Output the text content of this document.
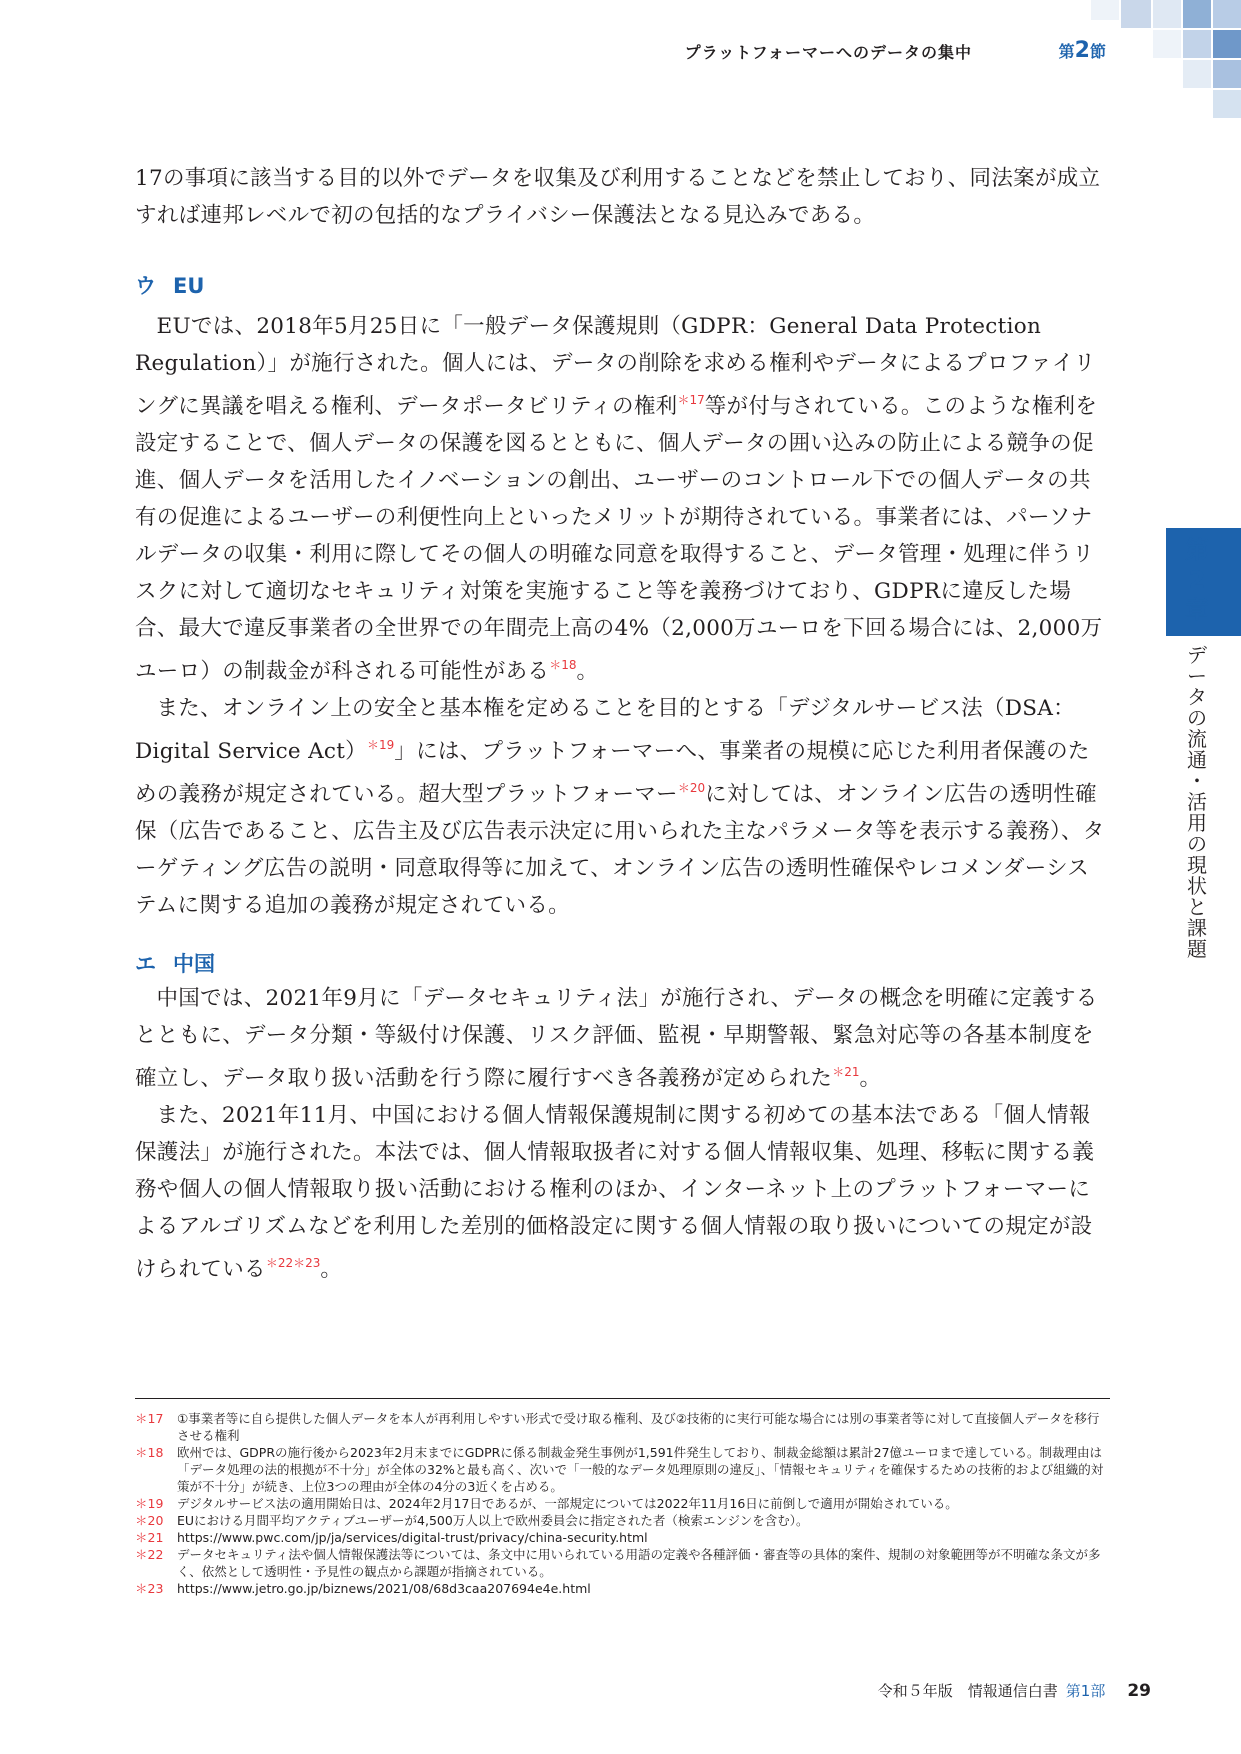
プラットフォーマーへのデータの集中	第2節

17の事項に該当する目的以外でデータを収集及び利用することなどを禁止しており、同法案が成立すれば連邦レベルで初の包括的なプライバシー保護法となる見込みである。

ウ EU

EUでは、2018年5月25日に「一般データ保護規則（GDPR：General Data Protection Regulation）」が施行された。個人には、データの削除を求める権利やデータによるプロファイリングに異議を唱える権利、データポータビリティの権利$^{*17}$等が付与されている。このような権利を設定することで、個人データの保護を図るとともに、個人データの囲い込みの防止による競争の促進、個人データを活用したイノベーションの創出、ユーザーのコントロール下での個人データの共有の促進によるユーザーの利便性向上といったメリットが期待されている。事業者には、パーソナルデータの収集・利用に際してその個人の明確な同意を取得すること、データ管理・処理に伴うリスクに対して適切なセキュリティ対策を実施すること等を義務づけており、GDPRに違反した場合、最大で違反事業者の全世界での年間売上高の4%（2,000万ユーロを下回る場合には、2,000万ユーロ）の制裁金が科される可能性がある$^{*18}$。

また、オンライン上の安全と基本権を定めることを目的とする「デジタルサービス法（DSA：Digital Service Act）$^{*19}$」には、プラットフォーマーへ、事業者の規模に応じた利用者保護のための義務が規定されている。超大型プラットフォーマー$^{*20}$に対しては、オンライン広告の透明性確保（広告であること、広告主及び広告表示決定に用いられた主なパラメータ等を表示する義務）、ターゲティング広告の説明・同意取得等に加えて、オンライン広告の透明性確保やレコメンダーシステムに関する追加の義務が規定されている。

エ 中国

中国では、2021年9月に「データセキュリティ法」が施行され、データの概念を明確に定義するとともに、データ分類・等級付け保護、リスク評価、監視・早期警報、緊急対応等の各基本制度を確立し、データ取り扱い活動を行う際に履行すべき各義務が定められた$^{*21}$。

また、2021年11月、中国における個人情報保護規制に関する初めての基本法である「個人情報保護法」が施行された。本法では、個人情報取扱者に対する個人情報収集、処理、移転に関する義務や個人の個人情報取り扱い活動における権利のほか、インターネット上のプラットフォーマーによるアルゴリズムなどを利用した差別的価格設定に関する個人情報の取り扱いについての規定が設けられている$^{*22*23}$。

第
2
章
デ
ー
タ
の
流
通
・
活
用
の
現
状
と
課
題

＊17	①事業者等に自ら提供した個人データを本人が再利用しやすい形式で受け取る権利、及び②技術的に実行可能な場合には別の事業者等に対して直接個人データを移行させる権利

＊18	欧州では、GDPRの施行後から2023年2月末までにGDPRに係る制裁金発生事例が1,591件発生しており、制裁金総額は累計27億ユーロまで達している。制裁理由は「データ処理の法的根拠が不十分」が全体の32%と最も高く、次いで「一般的なデータ処理原則の違反」、「情報セキュリティを確保するための技術的および組織的対策が不十分」が続き、上位3つの理由が全体の4分の3近くを占める。

＊19	デジタルサービス法の適用開始日は、2024年2月17日であるが、一部規定については2022年11月16日に前倒しで適用が開始されている。

＊20	EUにおける月間平均アクティブユーザーが4,500万人以上で欧州委員会に指定された者（検索エンジンを含む）。

＊21	https://www.pwc.com/jp/ja/services/digital-trust/privacy/china-security.html

＊22	データセキュリティ法や個人情報保護法等については、条文中に用いられている用語の定義や各種評価・審査等の具体的案件、規制の対象範囲等が不明確な条文が多く、依然として透明性・予見性の観点から課題が指摘されている。

＊23	https://www.jetro.go.jp/biznews/2021/08/68d3caa207694e4e.html

令和５年版　情報通信白書 第1部 29
